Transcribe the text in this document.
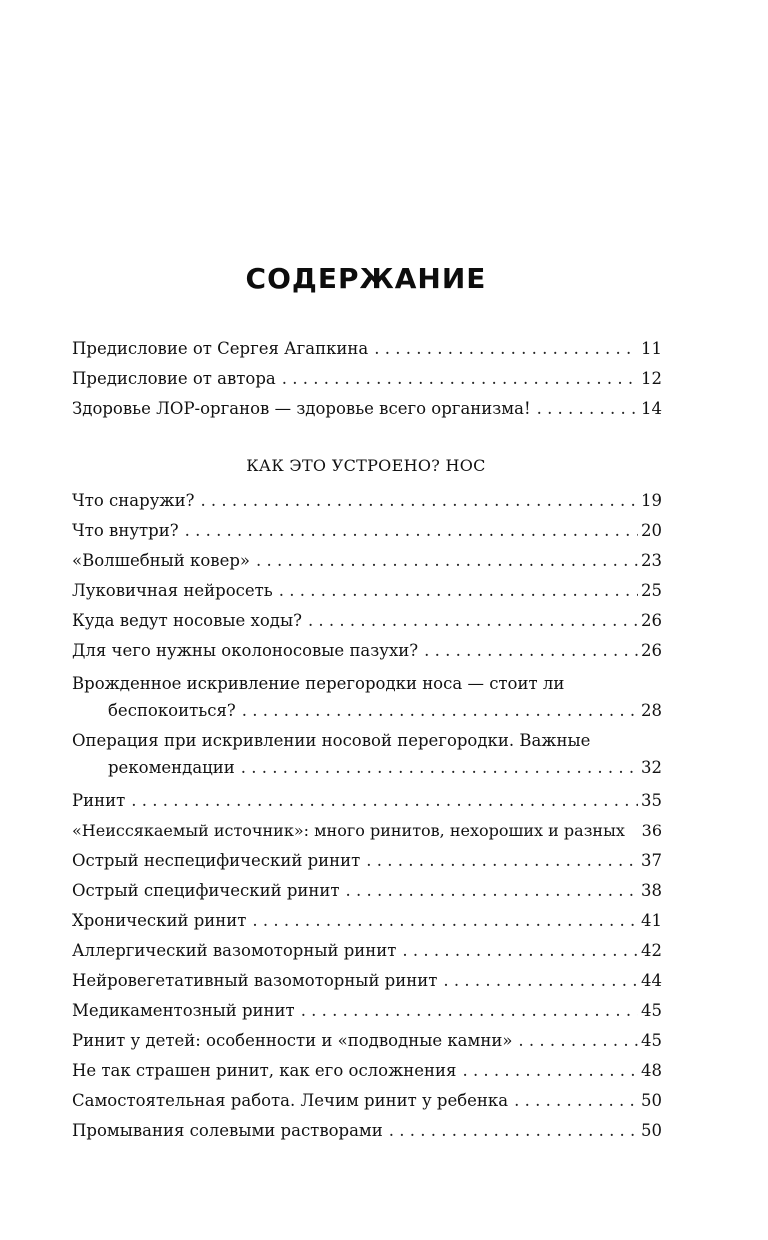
СОДЕРЖАНИЕ
Предисловие от Сергея Агапкина . . .	11
Предисловие от автора . . .	12
Здоровье ЛОР-органов — здоровье всего организма! . . .	14
КАК ЭТО УСТРОЕНО? НОС
Что снаружи? . . .	19
Что внутри? . . .	20
«Волшебный ковер» . . .	23
Луковичная нейросеть . . .	25
Куда ведут носовые ходы? . . .	26
Для чего нужны околоносовые пазухи? . . .	26
Врожденное искривление перегородки носа — стоит ли
беспокоиться? . . .	28
Операция при искривлении носовой перегородки. Важные
рекомендации . . .	32
Ринит . . .	35
«Неиссякаемый источник»: много ринитов, нехороших и разных 36
Острый неспецифический ринит . . .	37
Острый специфический ринит . . .	38
Хронический ринит . . .	41
Аллергический вазомоторный ринит . . .	42
Нейровегетативный вазомоторный ринит . . .	44
Медикаментозный ринит . . .	45
Ринит у детей: особенности и «подводные камни» . . .	45
Не так страшен ринит, как его осложнения . . .	48
Самостоятельная работа. Лечим ринит у ребенка . . .	50
Промывания солевыми растворами . . .	50
